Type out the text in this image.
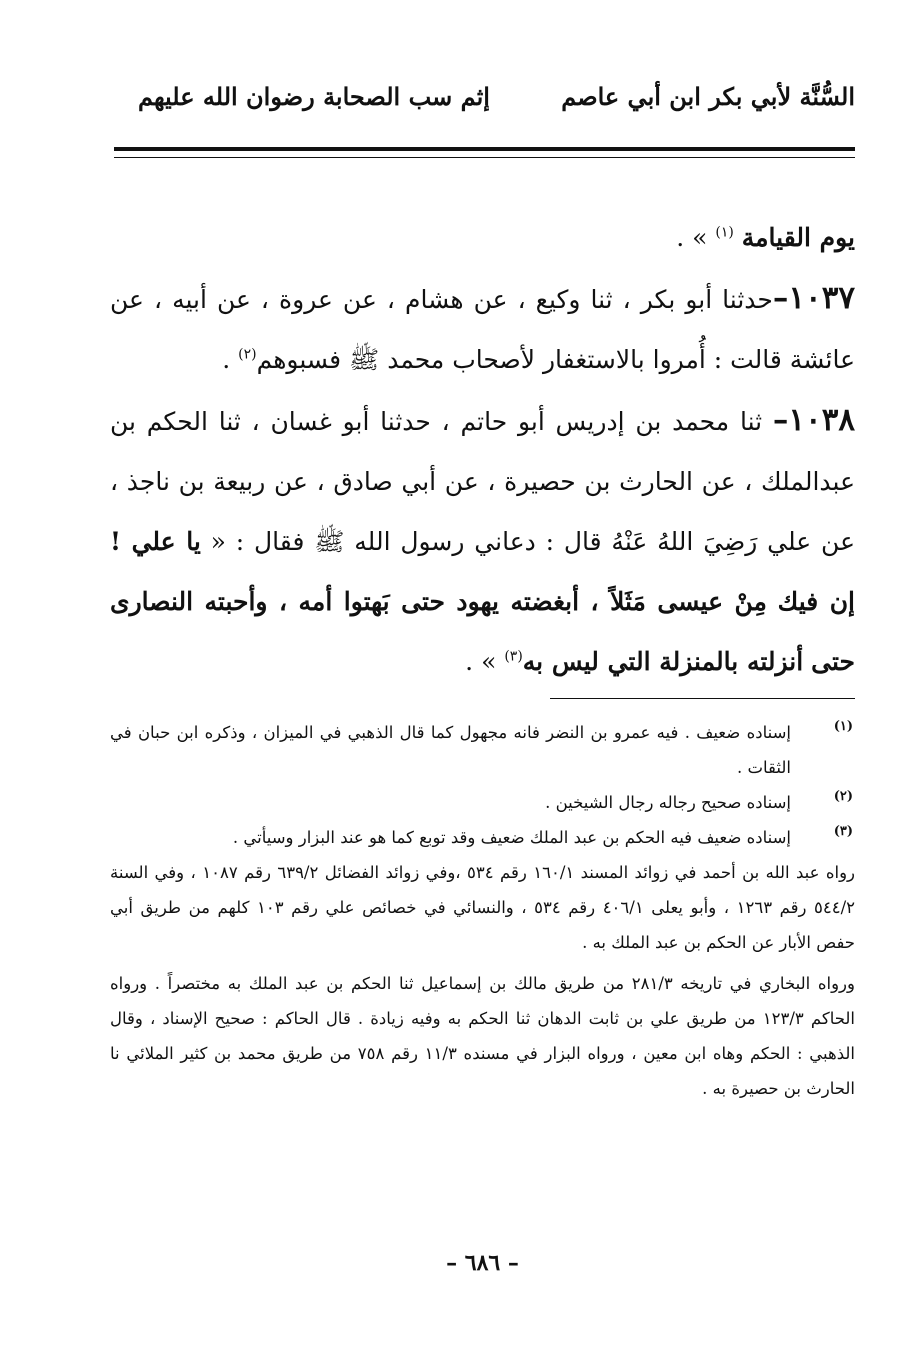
السُّنَّة لأبي بكر ابن أبي عاصم
إثم سب الصحابة رضوان الله عليهم

يوم القيامة $^{(١)}$ » .

١٠٣٧–حدثنا أبو بكر ، ثنا وكيع ، عن هشام ، عن عروة ، عن أبيه ، عن عائشة قالت : أُمروا بالاستغفار لأصحاب محمد ﷺ فسبوهم$^{(٢)}$ .

١٠٣٨– ثنا محمد بن إدريس أبو حاتم ، حدثنا أبو غسان ، ثنا الحكم بن عبدالملك ، عن الحارث بن حصيرة ، عن أبي صادق ، عن ربيعة بن ناجذ ، عن علي رَضِيَ اللهُ عَنْهُ قال : دعاني رسول الله ﷺ فقال : « يا علي ! إن فيك مِنْ عيسى مَثَلاً ، أبغضته يهود حتى بَهتوا أمه ، وأحبته النصارى حتى أنزلته بالمنزلة التي ليس به$^{(٣)}$ » .

(١)
إسناده ضعيف . فيه عمرو بن النضر فانه مجهول كما قال الذهبي في الميزان ، وذكره ابن حبان في الثقات .
(٢)
إسناده صحيح رجاله رجال الشيخين .
(٣)
إسناده ضعيف فيه الحكم بن عبد الملك ضعيف وقد توبع كما هو عند البزار وسيأتي .
رواه عبد الله بن أحمد في زوائد المسند ١٦٠/١ رقم ٥٣٤ ،وفي زوائد الفضائل ٦٣٩/٢ رقم ١٠٨٧ ، وفي السنة ٥٤٤/٢ رقم ١٢٦٣ ، وأبو يعلى ٤٠٦/١ رقم ٥٣٤ ، والنسائي في خصائص علي رقم ١٠٣ كلهم من طريق أبي حفص الأبار عن الحكم بن عبد الملك به .
ورواه البخاري في تاريخه ٢٨١/٣ من طريق مالك بن إسماعيل ثنا الحكم بن عبد الملك به مختصراً . ورواه الحاكم ١٢٣/٣ من طريق علي بن ثابت الدهان ثنا الحكم به وفيه زيادة . قال الحاكم : صحيح الإسناد ، وقال الذهبي : الحكم وهاه ابن معين ، ورواه البزار في مسنده ١١/٣ رقم ٧٥٨ من طريق محمد بن كثير الملائي نا الحارث بن حصيرة به .
– ٦٨٦ –
